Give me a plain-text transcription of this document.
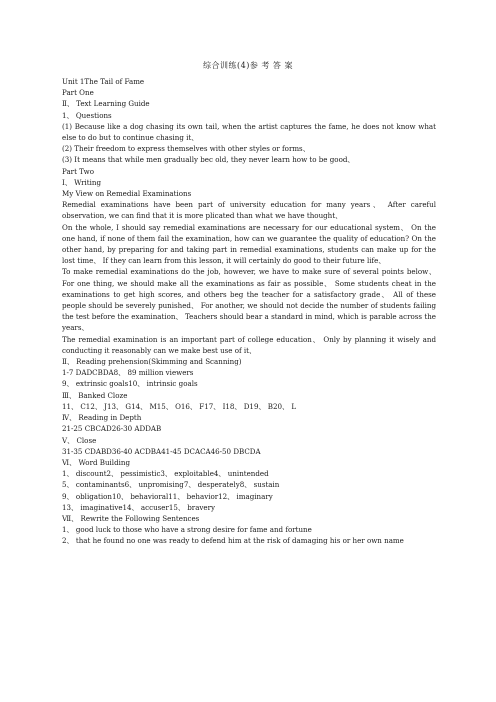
综合训练(4)参 考 答 案
Unit 1The Tail of Fame
Part One
Ⅱ、 Text Learning Guide
1、 Questions
(1) Because like a dog chasing its own tail, when the artist captures the fame, he does not know what else to do but to continue chasing it、
(2) Their freedom to express themselves with other styles or forms、
(3) It means that while men gradually bec old, they never learn how to be good、
Part Two
Ⅰ、 Writing
My View on Remedial Examinations
Remedial examinations have been part of university education for many years、 After careful observation, we can find that it is more plicated than what we have thought、
On the whole, I should say remedial examinations are necessary for our educational system、 On the one hand, if none of them fail the examination, how can we guarantee the quality of education? On the other hand, by preparing for and taking part in remedial examinations, students can make up for the lost time、 If they can learn from this lesson, it will certainly do good to their future life、
To make remedial examinations do the job, however, we have to make sure of several points below、 For one thing, we should make all the examinations as fair as possible、 Some students cheat in the examinations to get high scores, and others beg the teacher for a satisfactory grade、 All of these people should be severely punished、 For another, we should not decide the number of students failing the test before the examination、 Teachers should bear a standard in mind, which is parable across the years、
The remedial examination is an important part of college education、 Only by planning it wisely and conducting it reasonably can we make best use of it、
Ⅱ、 Reading prehension(Skimming and Scanning)
1-7 DADCBDA8、 89 million viewers
9、 extrinsic goals10、 intrinsic goals
Ⅲ、 Banked Cloze
11、 C12、 J13、 G14、 M15、 O16、 F17、 I18、 D19、 B20、 L
Ⅳ、 Reading in Depth
21-25 CBCAD26-30 ADDAB
Ⅴ、 Close
31-35 CDABD36-40 ACDBA41-45 DCACA46-50 DBCDA
Ⅵ、 Word Building
1、 discount2、 pessimistic3、 exploitable4、 unintended
5、 contaminants6、 unpromising7、 desperately8、 sustain
9、 obligation10、 behavioral11、 behavior12、 imaginary
13、 imaginative14、 accuser15、 bravery
Ⅶ、 Rewrite the Following Sentences
1、 good luck to those who have a strong desire for fame and fortune
2、 that he found no one was ready to defend him at the risk of damaging his or her own name
